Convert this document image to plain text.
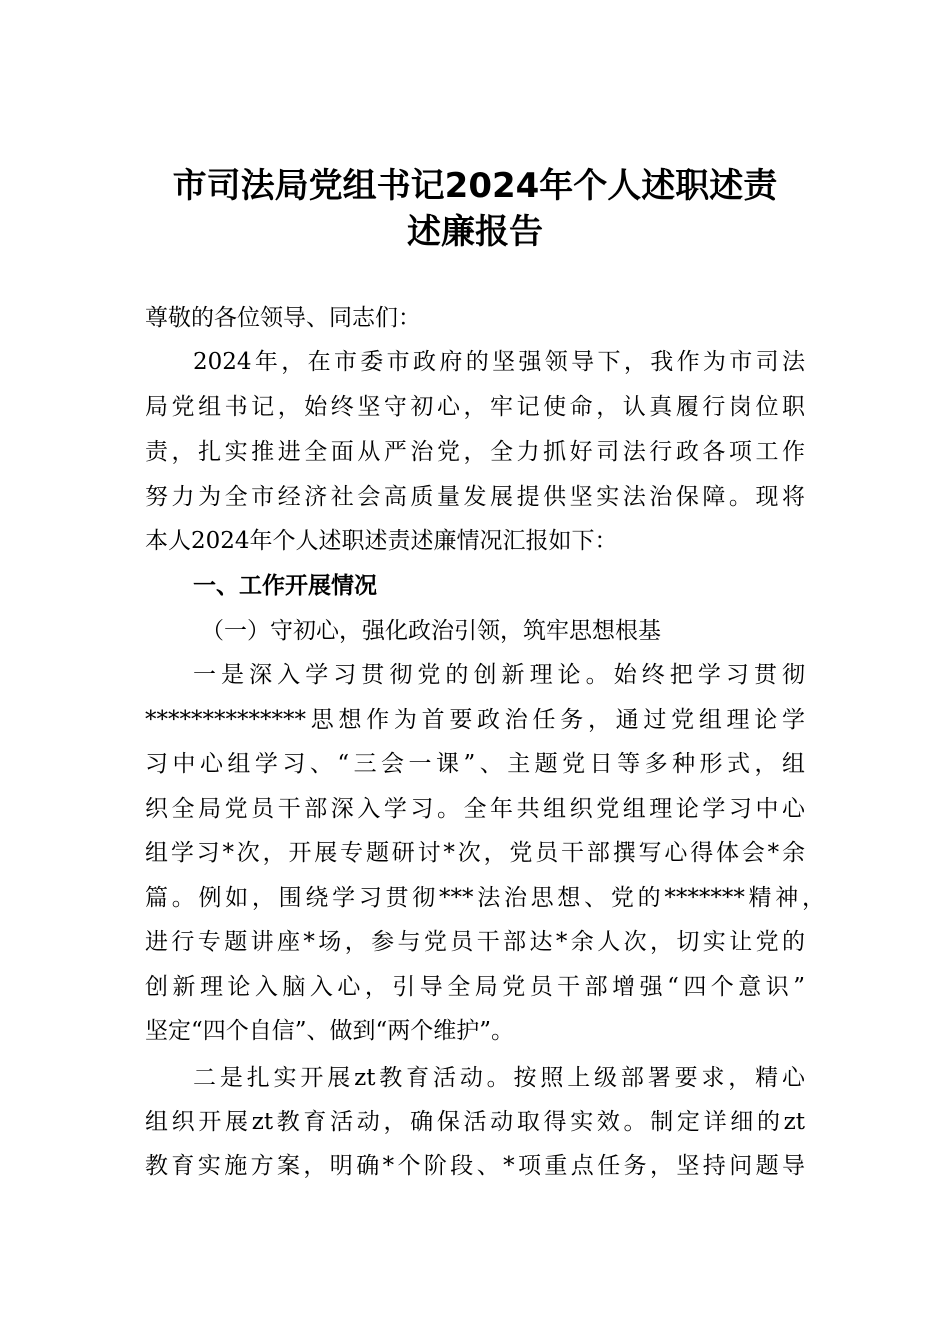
市司法局党组书记2024年个人述职述责
述廉报告
尊敬的各位领导、同志们：
2024年，在市委市政府的坚强领导下，我作为市司法
局党组书记，始终坚守初心，牢记使命，认真履行岗位职
责，扎实推进全面从严治党，全力抓好司法行政各项工作
努力为全市经济社会高质量发展提供坚实法治保障。现将
本人2024年个人述职述责述廉情况汇报如下：
一、工作开展情况
（一）守初心，强化政治引领，筑牢思想根基
一是深入学习贯彻党的创新理论。始终把学习贯彻
**************思想作为首要政治任务，通过党组理论学
习中心组学习、“三会一课”、主题党日等多种形式，组
织全局党员干部深入学习。全年共组织党组理论学习中心
组学习*次，开展专题研讨*次，党员干部撰写心得体会*余
篇。例如，围绕学习贯彻***法治思想、党的*******精神，
进行专题讲座*场，参与党员干部达*余人次，切实让党的
创新理论入脑入心，引导全局党员干部增强“四个意识”
坚定“四个自信”、做到“两个维护”。
二是扎实开展zt教育活动。按照上级部署要求，精心
组织开展zt教育活动，确保活动取得实效。制定详细的zt
教育实施方案，明确*个阶段、*项重点任务，坚持问题导
